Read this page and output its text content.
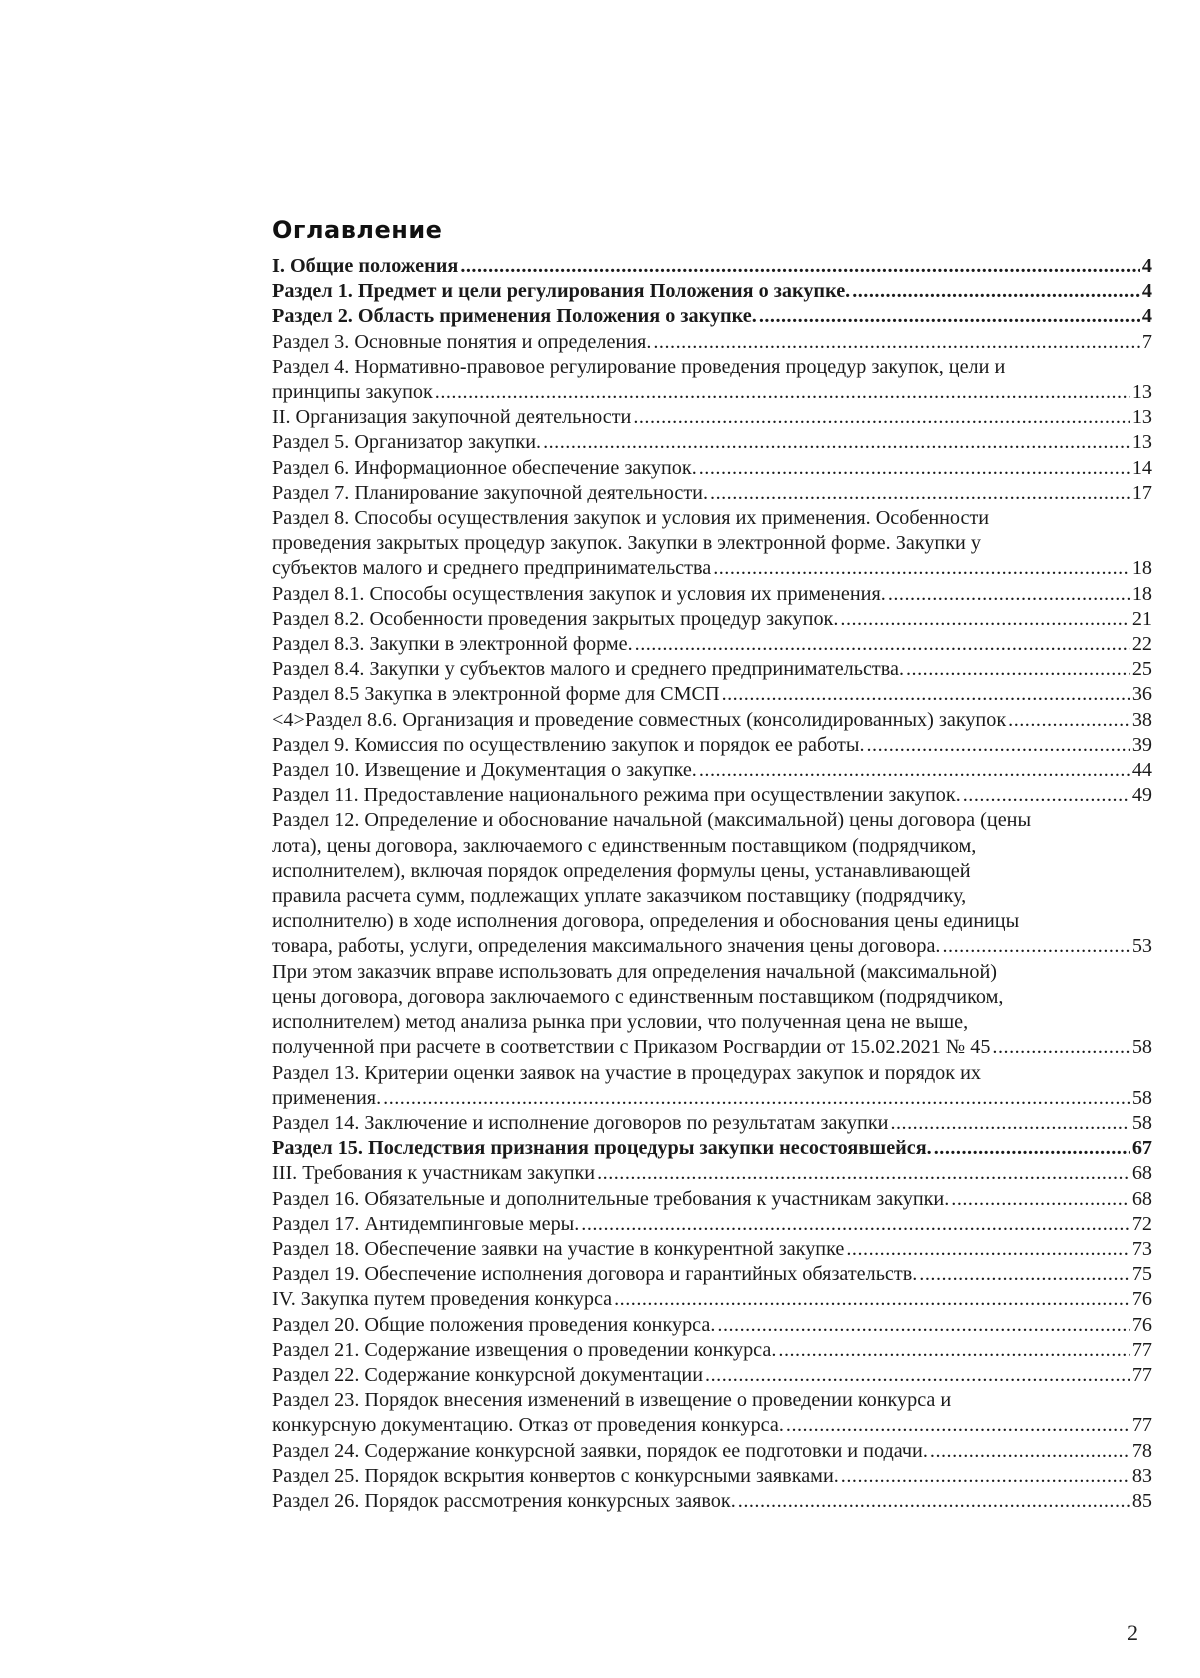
Оглавление
I. Общие положения .....	4
Раздел 1. Предмет и цели регулирования Положения о закупке. .....	4
Раздел 2. Область применения Положения о закупке. .....	4
Раздел 3. Основные понятия и определения. .....	7
Раздел 4. Нормативно-правовое регулирование проведения процедур закупок, цели и
принципы закупок .....	13
II. Организация закупочной деятельности .....	13
Раздел 5. Организатор закупки. .....	13
Раздел 6. Информационное обеспечение закупок. .....	14
Раздел 7. Планирование закупочной деятельности. .....	17
Раздел 8. Способы осуществления закупок и условия их применения. Особенности
проведения закрытых процедур закупок. Закупки в электронной форме. Закупки у
субъектов малого и среднего предпринимательства .....	18
Раздел 8.1. Способы осуществления закупок и условия их применения. .....	18
Раздел 8.2. Особенности проведения закрытых процедур закупок. .....	21
Раздел 8.3. Закупки в электронной форме. .....	22
Раздел 8.4. Закупки у субъектов малого и среднего предпринимательства. .....	25
Раздел 8.5 Закупка в электронной форме для СМСП .....	36
<4>Раздел 8.6. Организация и проведение совместных (консолидированных) закупок .....	38
Раздел 9. Комиссия по осуществлению закупок и порядок ее работы. .....	39
Раздел 10. Извещение и Документация о закупке. .....	44
Раздел 11. Предоставление национального режима при осуществлении закупок. .....	49
Раздел 12. Определение и обоснование начальной (максимальной) цены договора (цены
лота), цены договора, заключаемого с единственным поставщиком (подрядчиком,
исполнителем), включая порядок определения формулы цены, устанавливающей
правила расчета сумм, подлежащих уплате заказчиком поставщику (подрядчику,
исполнителю) в ходе исполнения договора, определения и обоснования цены единицы
товара, работы, услуги, определения максимального значения цены договора. .....	53
При этом заказчик вправе использовать для определения начальной (максимальной)
цены договора, договора заключаемого с единственным поставщиком (подрядчиком,
исполнителем) метод анализа рынка при условии, что полученная цена не выше,
полученной при расчете в соответствии с Приказом Росгвардии от 15.02.2021 № 45 .....	58
Раздел 13. Критерии оценки заявок на участие в процедурах закупок и порядок их
применения. .....	58
Раздел 14. Заключение и исполнение договоров по результатам закупки .....	58
Раздел 15. Последствия признания процедуры закупки несостоявшейся. .....	67
III. Требования к участникам закупки .....	68
Раздел 16. Обязательные и дополнительные требования к участникам закупки. .....	68
Раздел 17. Антидемпинговые меры. .....	72
Раздел 18. Обеспечение заявки на участие в конкурентной закупке .....	73
Раздел 19. Обеспечение исполнения договора и гарантийных обязательств. .....	75
IV. Закупка путем проведения конкурса .....	76
Раздел 20. Общие положения проведения конкурса. .....	76
Раздел 21. Содержание извещения о проведении конкурса. .....	77
Раздел 22. Содержание конкурсной документации .....	77
Раздел 23. Порядок внесения изменений в извещение о проведении конкурса и
конкурсную документацию. Отказ от проведения конкурса. .....	77
Раздел 24. Содержание конкурсной заявки, порядок ее подготовки и подачи. .....	78
Раздел 25. Порядок вскрытия конвертов с конкурсными заявками. .....	83
Раздел 26. Порядок рассмотрения конкурсных заявок. .....	85
2
